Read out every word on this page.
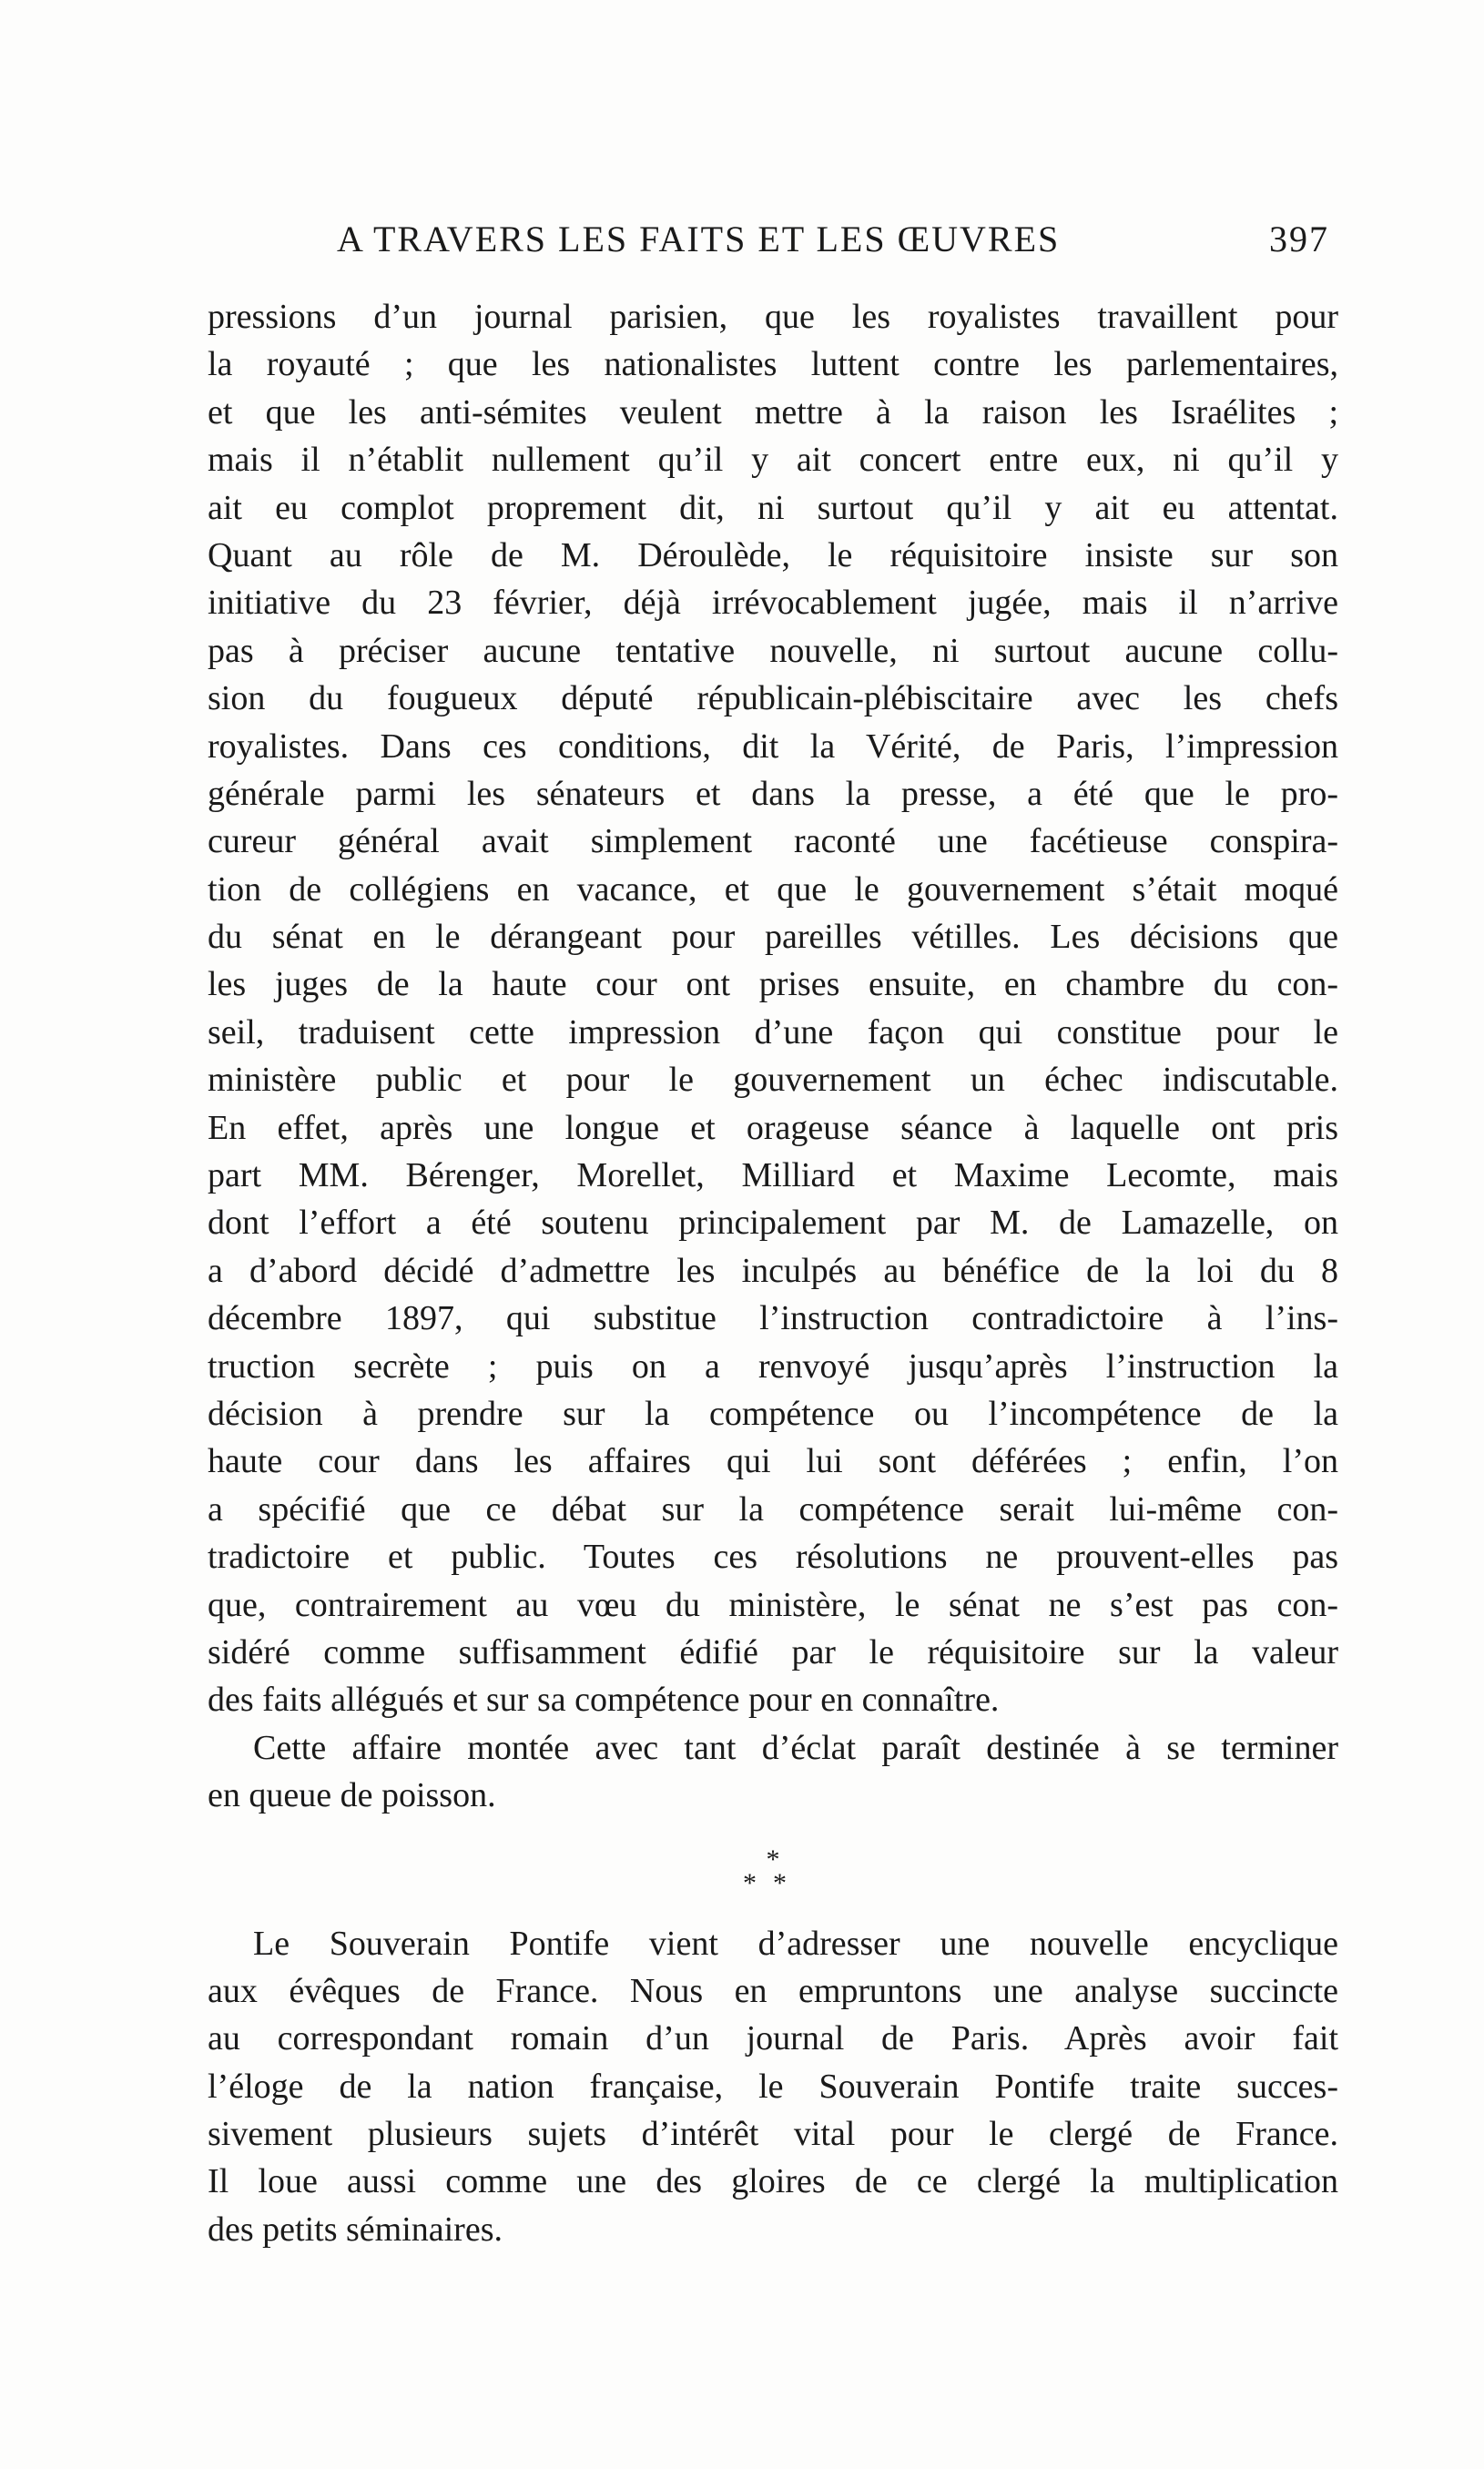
A TRAVERS LES FAITS ET LES ŒUVRES	397
pressions d’un journal parisien, que les royalistes travaillent pour
la royauté ; que les nationalistes luttent contre les parlementaires,
et que les anti-sémites veulent mettre à la raison les Israélites ;
mais il n’établit nullement qu’il y ait concert entre eux, ni qu’il y
ait eu complot proprement dit, ni surtout qu’il y ait eu attentat.
Quant au rôle de M. Déroulède, le réquisitoire insiste sur son
initiative du 23 février, déjà irrévocablement jugée, mais il n’arrive
pas à préciser aucune tentative nouvelle, ni surtout aucune collu-
sion du fougueux député républicain-plébiscitaire avec les chefs
royalistes. Dans ces conditions, dit la Vérité, de Paris, l’impression
générale parmi les sénateurs et dans la presse, a été que le pro-
cureur général avait simplement raconté une facétieuse conspira-
tion de collégiens en vacance, et que le gouvernement s’était moqué
du sénat en le dérangeant pour pareilles vétilles. Les décisions que
les juges de la haute cour ont prises ensuite, en chambre du con-
seil, traduisent cette impression d’une façon qui constitue pour le
ministère public et pour le gouvernement un échec indiscutable.
En effet, après une longue et orageuse séance à laquelle ont pris
part MM. Bérenger, Morellet, Milliard et Maxime Lecomte, mais
dont l’effort a été soutenu principalement par M. de Lamazelle, on
a d’abord décidé d’admettre les inculpés au bénéfice de la loi du 8
décembre 1897, qui substitue l’instruction contradictoire à l’ins-
truction secrète ; puis on a renvoyé jusqu’après l’instruction la
décision à prendre sur la compétence ou l’incompétence de la
haute cour dans les affaires qui lui sont déférées ; enfin, l’on
a spécifié que ce débat sur la compétence serait lui-même con-
tradictoire et public. Toutes ces résolutions ne prouvent-elles pas
que, contrairement au vœu du ministère, le sénat ne s’est pas con-
sidéré comme suffisamment édifié par le réquisitoire sur la valeur
des faits allégués et sur sa compétence pour en connaître.
Cette affaire montée avec tant d’éclat paraît destinée à se terminer
en queue de poisson.
*
**
Le Souverain Pontife vient d’adresser une nouvelle encyclique
aux évêques de France. Nous en empruntons une analyse succincte
au correspondant romain d’un journal de Paris. Après avoir fait
l’éloge de la nation française, le Souverain Pontife traite succes-
sivement plusieurs sujets d’intérêt vital pour le clergé de France.
Il loue aussi comme une des gloires de ce clergé la multiplication
des petits séminaires.
